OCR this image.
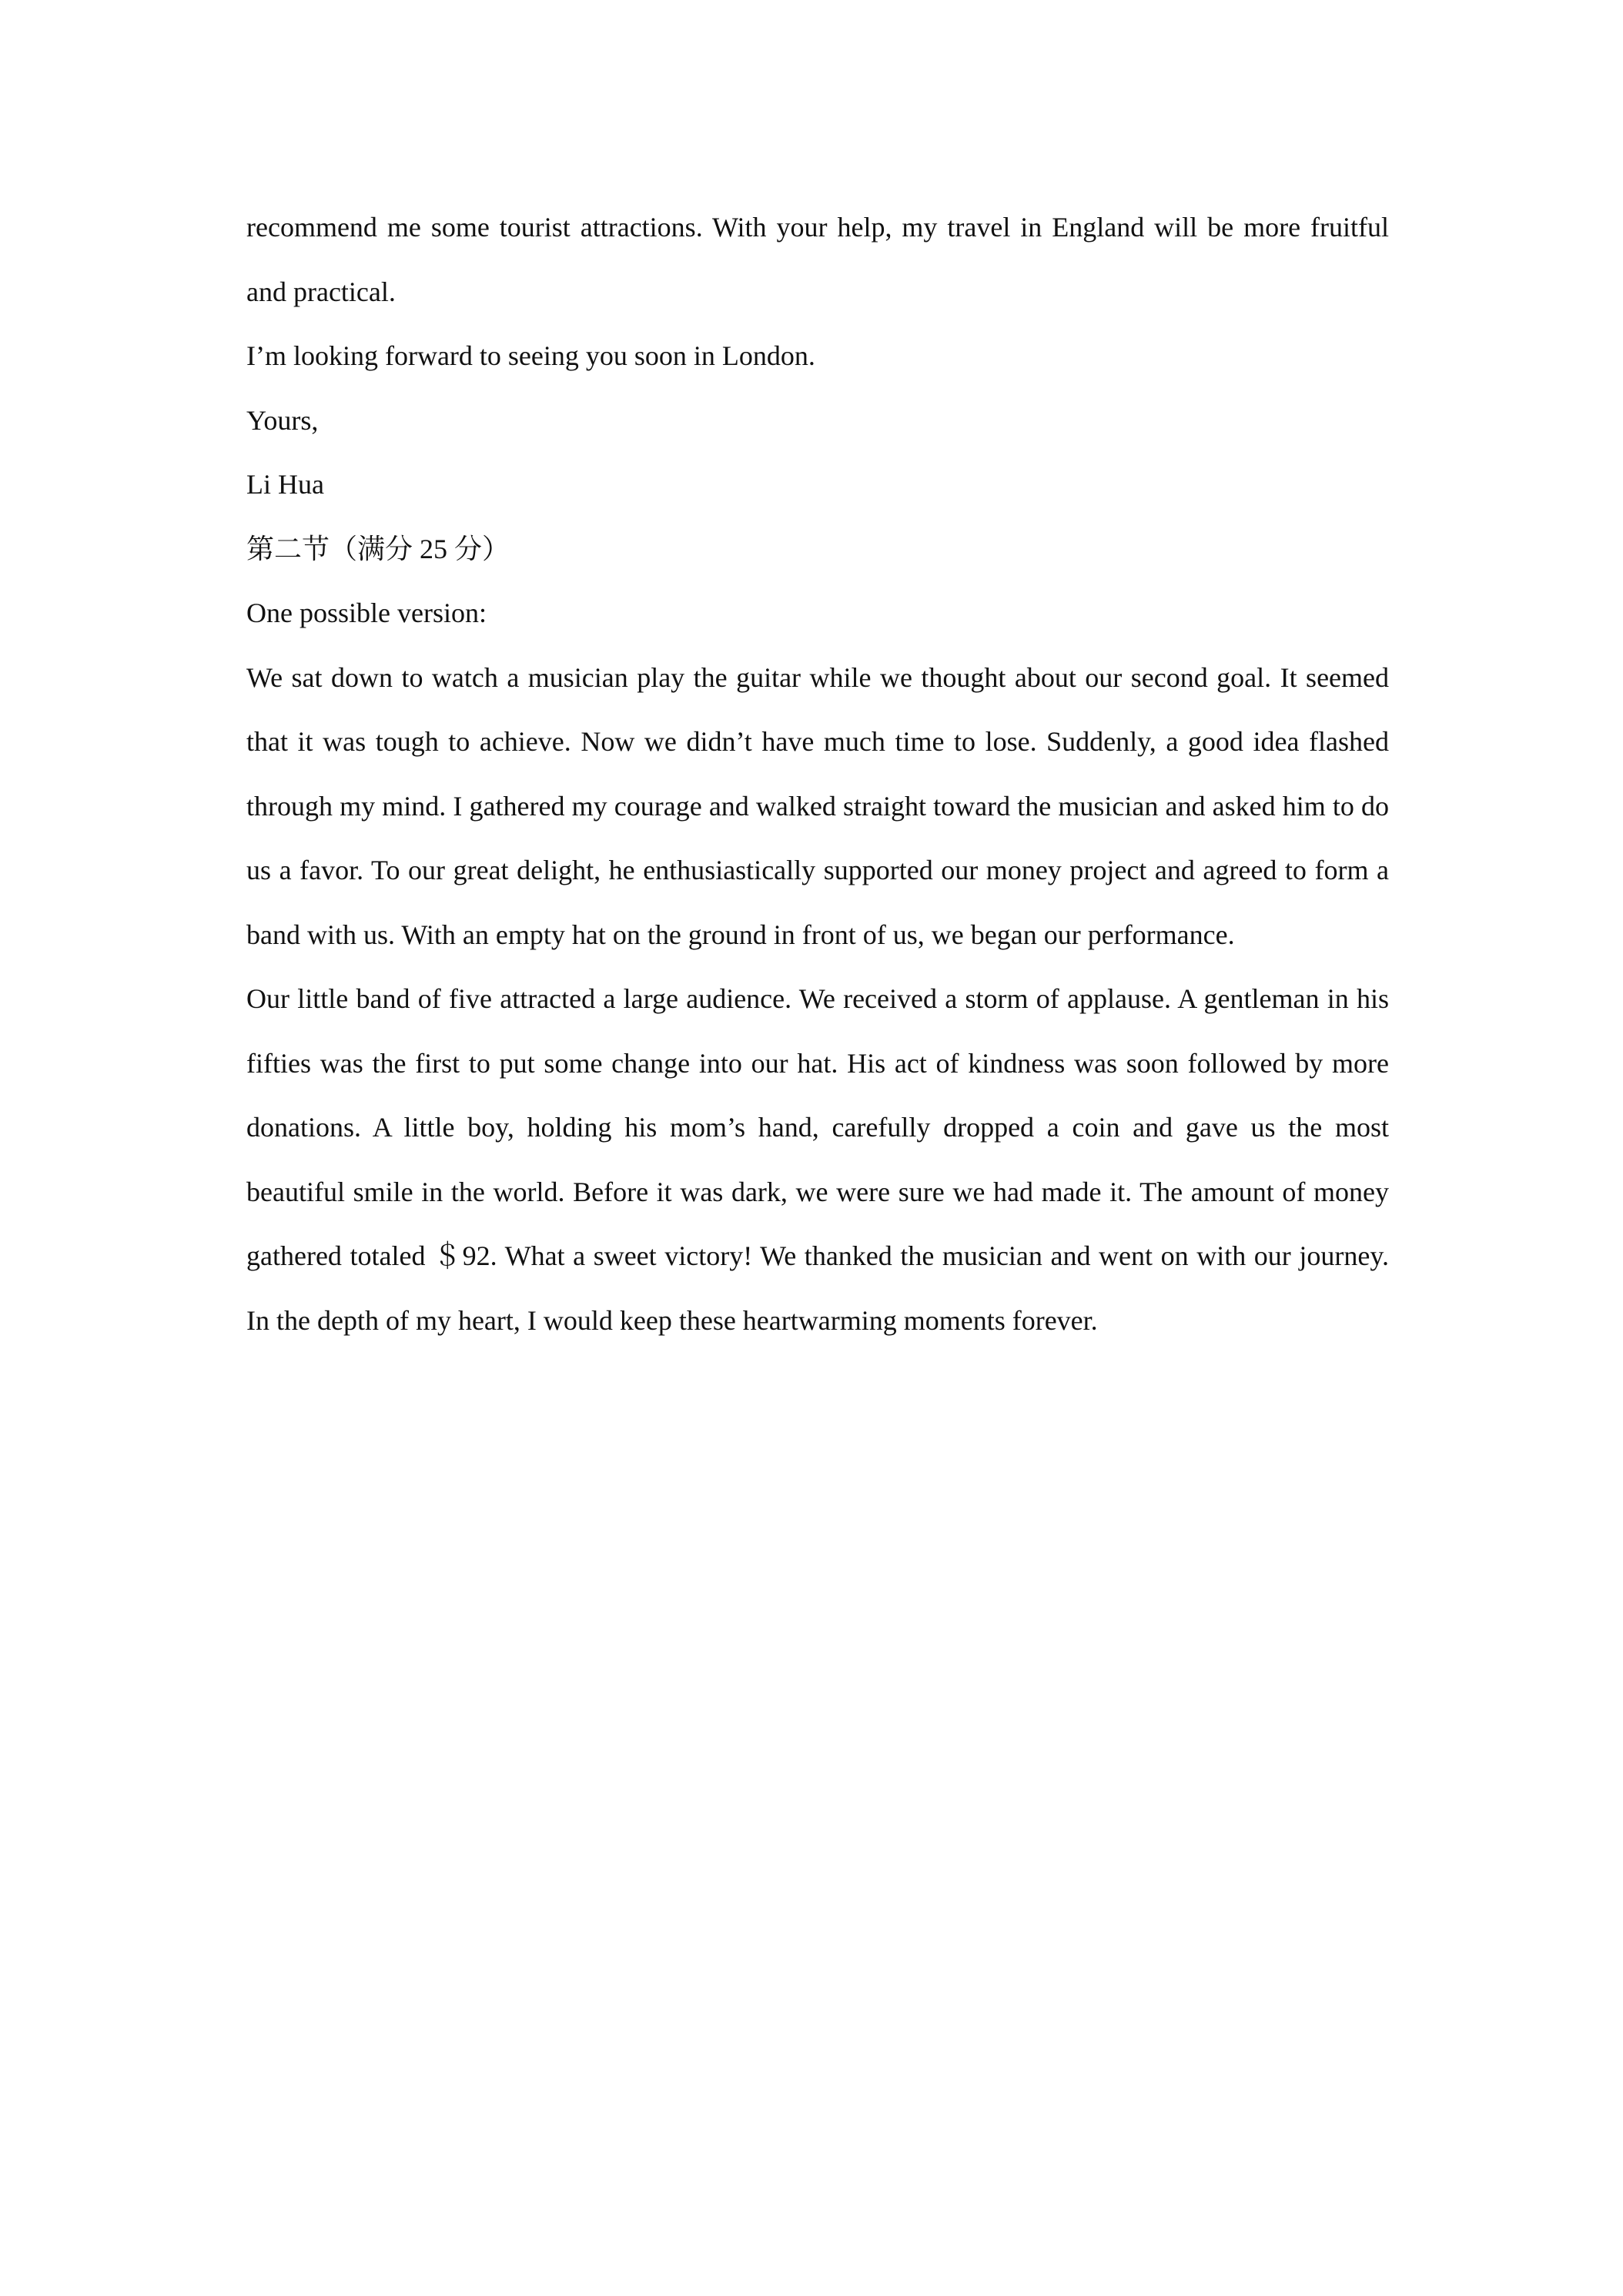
recommend me some tourist attractions. With your help, my travel in England will be more fruitful and practical.

I’m looking forward to seeing you soon in London.

Yours,

Li Hua

第二节（满分 25 分）

One possible version:

We sat down to watch a musician play the guitar while we thought about our second goal. It seemed that it was tough to achieve. Now we didn’t have much time to lose. Suddenly, a good idea flashed through my mind. I gathered my courage and walked straight toward the musician and asked him to do us a favor. To our great delight, he enthusiastically supported our money project and agreed to form a band with us. With an empty hat on the ground in front of us, we began our performance.

Our little band of five attracted a large audience. We received a storm of applause. A gentleman in his fifties was the first to put some change into our hat. His act of kindness was soon followed by more donations. A little boy, holding his mom’s hand, carefully dropped a coin and gave us the most beautiful smile in the world. Before it was dark, we were sure we had made it. The amount of money gathered totaled ＄92. What a sweet victory! We thanked the musician and went on with our journey. In the depth of my heart, I would keep these heartwarming moments forever.
